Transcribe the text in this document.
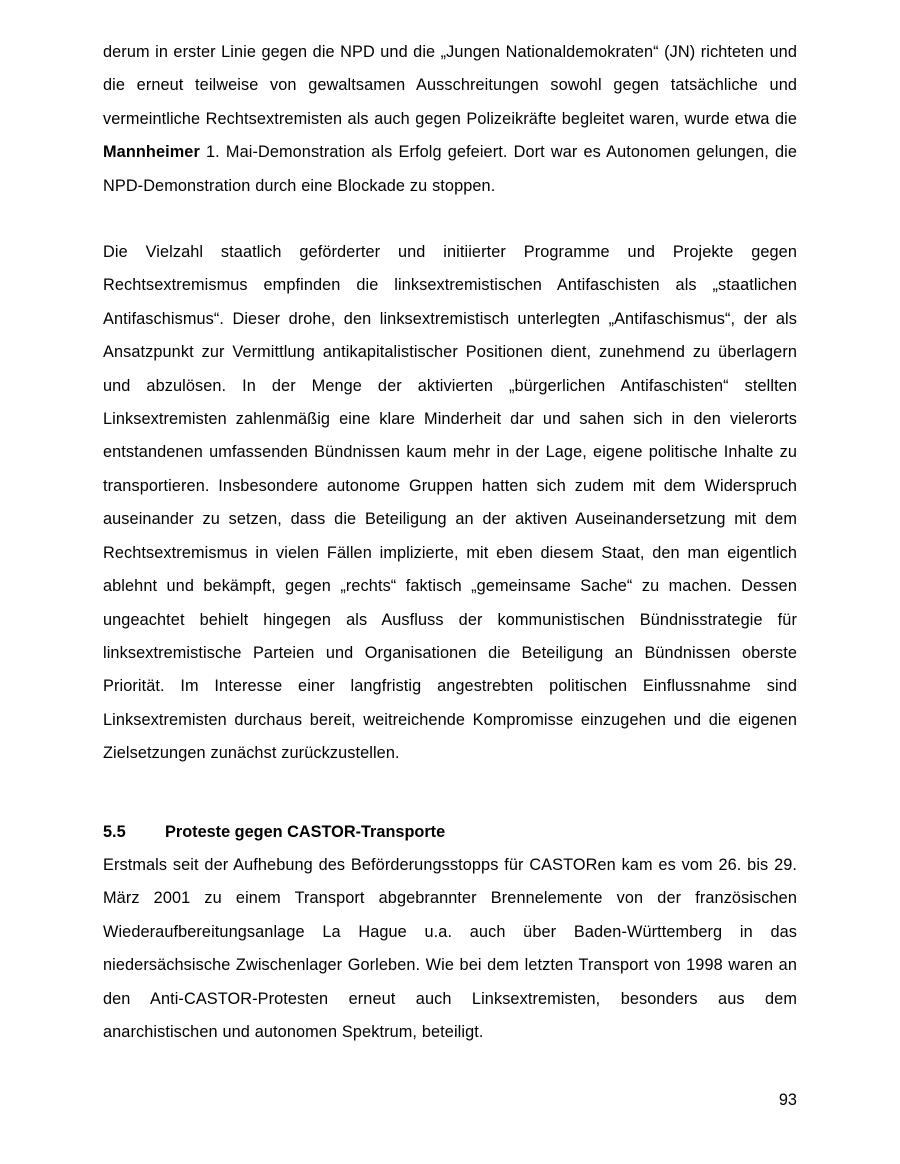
derum in erster Linie gegen die NPD und die „Jungen Nationaldemokraten“ (JN) richteten und die erneut teilweise von gewaltsamen Ausschreitungen sowohl gegen tatsächliche und vermeintliche Rechtsextremisten als auch gegen Polizeikräfte begleitet waren, wurde etwa die Mannheimer 1. Mai-Demonstration als Erfolg gefeiert. Dort war es Autonomen gelungen, die NPD-Demonstration durch eine Blockade zu stoppen.

Die Vielzahl staatlich geförderter und initiierter Programme und Projekte gegen Rechtsextremismus empfinden die linksextremistischen Antifaschisten als „staatlichen Antifaschismus“. Dieser drohe, den linksextremistisch unterlegten „Antifaschismus“, der als Ansatzpunkt zur Vermittlung antikapitalistischer Positionen dient, zunehmend zu überlagern und abzulösen. In der Menge der aktivierten „bürgerlichen Antifaschisten“ stellten Linksextremisten zahlenmäßig eine klare Minderheit dar und sahen sich in den vielerorts entstandenen umfassenden Bündnissen kaum mehr in der Lage, eigene politische Inhalte zu transportieren. Insbesondere autonome Gruppen hatten sich zudem mit dem Widerspruch auseinander zu setzen, dass die Beteiligung an der aktiven Auseinandersetzung mit dem Rechtsextremismus in vielen Fällen implizierte, mit eben diesem Staat, den man eigentlich ablehnt und bekämpft, gegen „rechts“ faktisch „gemeinsame Sache“ zu machen. Dessen ungeachtet behielt hingegen als Ausfluss der kommunistischen Bündnisstrategie für linksextremistische Parteien und Organisationen die Beteiligung an Bündnissen oberste Priorität. Im Interesse einer langfristig angestrebten politischen Einflussnahme sind Linksextremisten durchaus bereit, weitreichende Kompromisse einzugehen und die eigenen Zielsetzungen zunächst zurückzustellen.

5.5	Proteste gegen CASTOR-Transporte

Erstmals seit der Aufhebung des Beförderungsstopps für CASTORen kam es vom 26. bis 29. März 2001 zu einem Transport abgebrannter Brennelemente von der französischen Wiederaufbereitungsanlage La Hague u.a. auch über Baden-Württemberg in das niedersächsische Zwischenlager Gorleben. Wie bei dem letzten Transport von 1998 waren an den Anti-CASTOR-Protesten erneut auch Linksextremisten, besonders aus dem anarchistischen und autonomen Spektrum, beteiligt.

93
